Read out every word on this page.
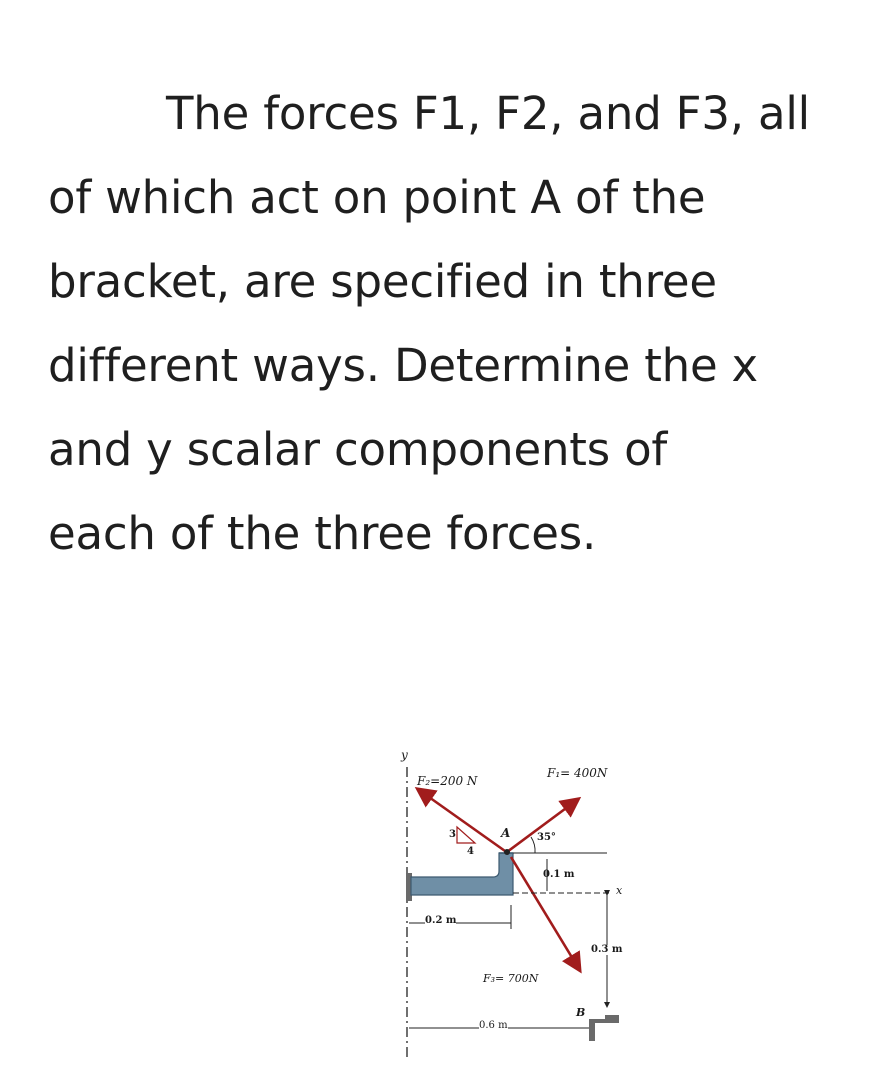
The forces F1, F2, and F3, all
of which act on point A of the
bracket, are specified in three
different ways. Determine the x
and y scalar components of
each of the three forces.
y
x
F₂=200 N
F₁= 400N
F₃= 700N
3
4
A
B
35°
0.1 m
0.2 m
0.3 m
0.6 m
